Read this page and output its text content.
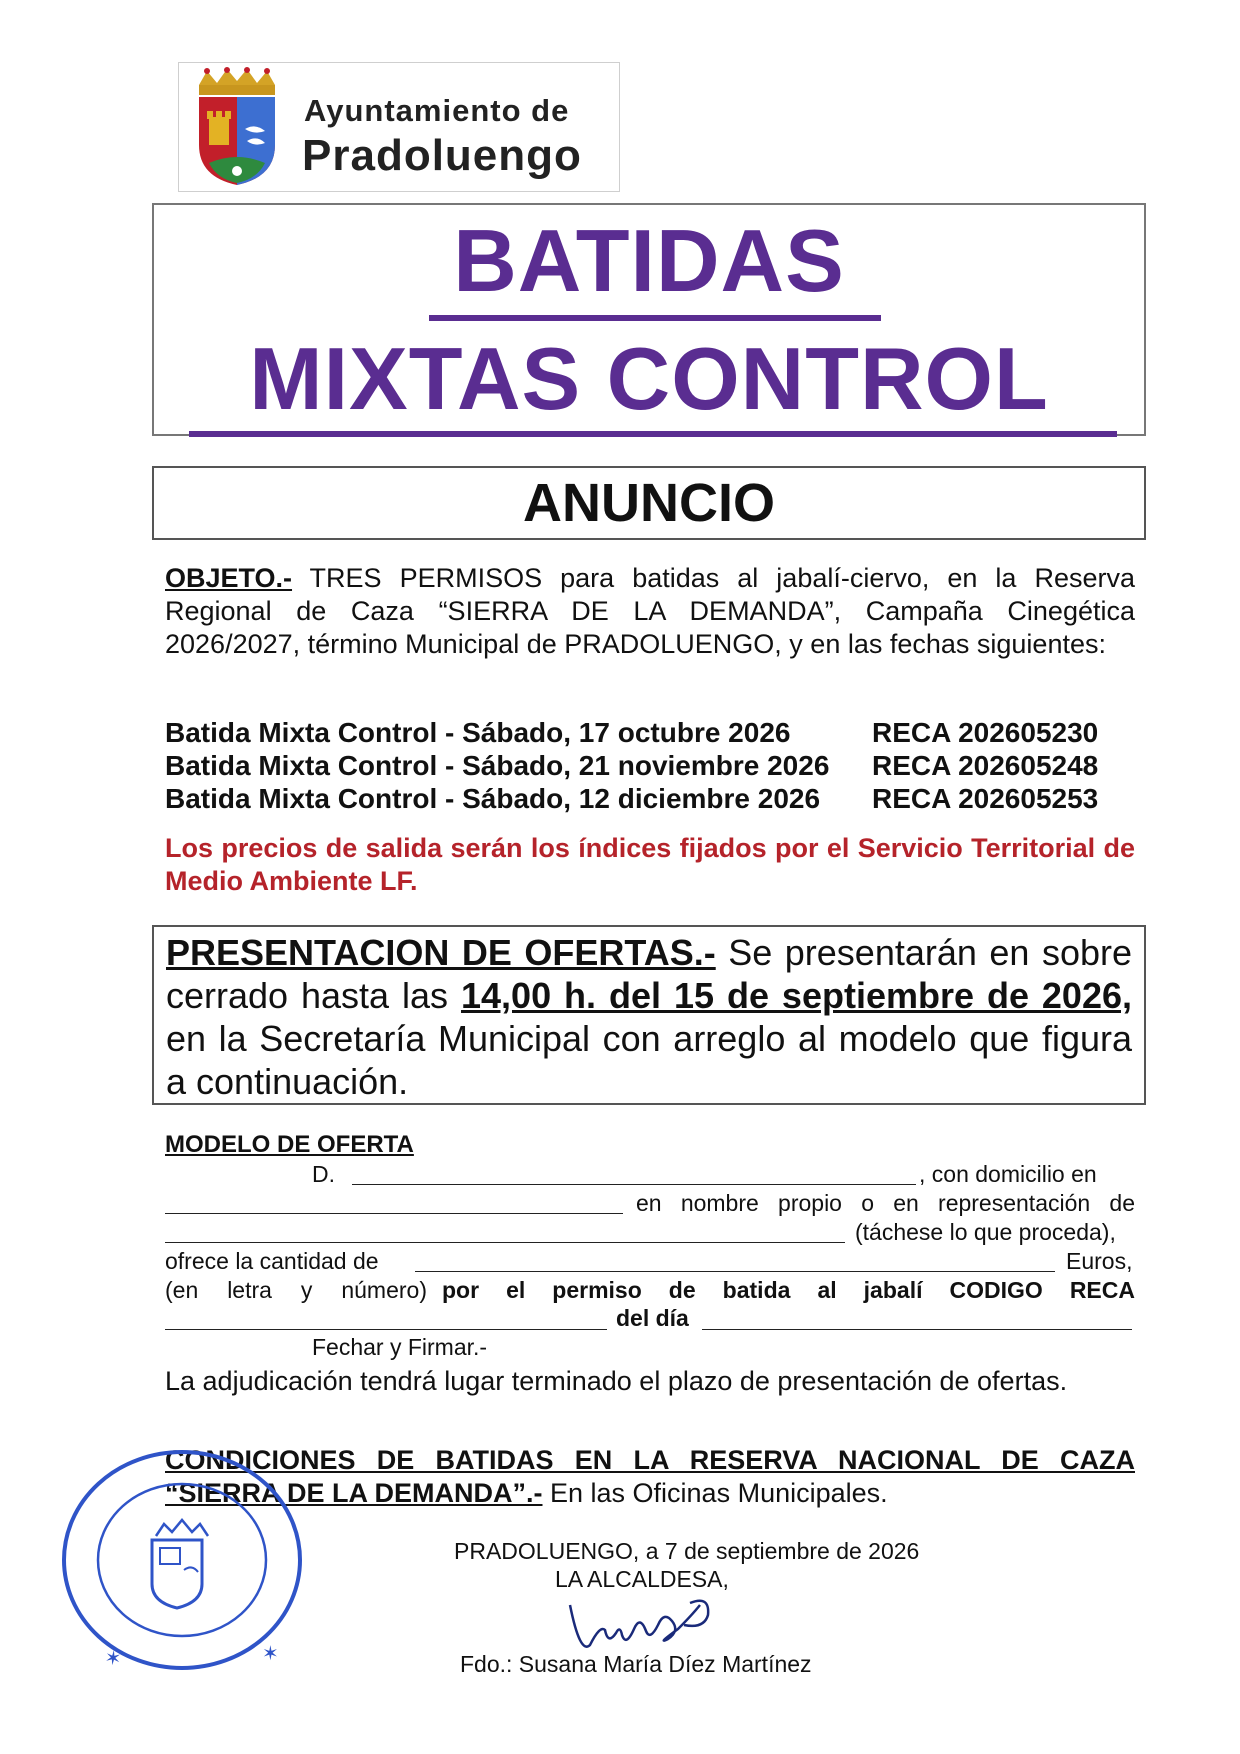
Ayuntamiento de
Pradoluengo
BATIDAS
MIXTAS CONTROL
ANUNCIO
OBJETO.- TRES PERMISOS para batidas al jabalí-ciervo, en la Reserva Regional de Caza “SIERRA DE LA DEMANDA”, Campaña Cinegética 2026/2027, término Municipal de PRADOLUENGO, y en las fechas siguientes:
Batida Mixta Control - Sábado, 17 octubre 2026	RECA 202605230
Batida Mixta Control - Sábado, 21 noviembre 2026 RECA 202605248
Batida Mixta Control - Sábado, 12 diciembre 2026 RECA 202605253
Los precios de salida serán los índices fijados por el Servicio Territorial de Medio Ambiente LF.
PRESENTACION DE OFERTAS.- Se presentarán en sobre cerrado hasta las 14,00 h. del 15 de septiembre de 2026, en la Secretaría Municipal con arreglo al modelo que figura a continuación.
MODELO DE OFERTA
D.	, con domicilio en
en nombre propio o en representación de
(táchese lo que proceda),
ofrece la cantidad de	Euros,
(en letra y número) por el permiso de batida al jabalí CODIGO RECA
del día
Fechar y Firmar.-
La adjudicación tendrá lugar terminado el plazo de presentación de ofertas.
CONDICIONES DE BATIDAS EN LA RESERVA NACIONAL DE CAZA “SIERRA DE LA DEMANDA”.- En las Oficinas Municipales.
✶	✶
PRADOLUENGO, a 7 de septiembre de 2026
LA ALCALDESA,
Fdo.: Susana María Díez Martínez
